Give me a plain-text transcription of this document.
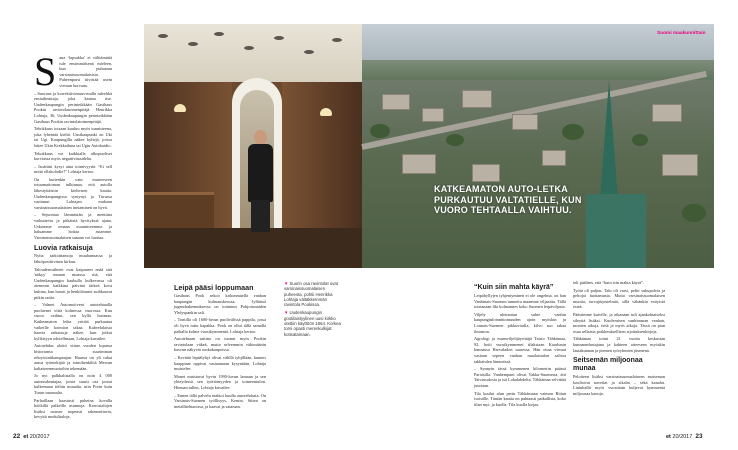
S ana ‘lapsakka’ ei välttämättä tule ensimmäisenä mieleen, kun puhutaan varsinaissuomalaisista. Puheenparsi tiivistää usein vieraan korvaan.

– Suoruus ja korrektiivimuus-mulla tuleehkä ensiaiheuttaja, joka kantaa itse. Uudenkaupungin perinteikkään Gasthaus Pookin ravintolatoimenpitäjä Henrikka Lohtaja, 36, Uudenkaupungin perinteikkään Gasthaus Pookin ravintolatoimenpitäjä.

Tehokkuus toisaan kuuluu myös tunnisteena, joka lyhentää kieltä. Uusikaupunki on Uki tai Ugi. Kaupungilla näkee kyltejä, joissa lukee Ukin Krekkailuna tai Ugin Autobaidio.

Tehokkuus voi kaikkialla ulkopuoliset korviassa myös negatiivisuudelta.

– Isoäitini kysyi aina toimivyyttä. “Ei sell mittä ollakolodie?” Lohtaja kertoo.

On kuitenkin vain murteeseen totuumattoman tulkinnaa, että autolla lähestyttäisiin kielteisen kautta. Uudenkaupungissa syntynyt ja Turussa varttunut Lohtajan mukaan varsinaissuomalaisten inetaminen on hyvä.

– Sejuontaa lämmintän ja mentiina vaikuttevia ja pitkäisiä hyvityksiä ajana. Uskomme omaan osaamiseemme ja haluamme hoitaa asiamme. Varsinaissuomalaisen sanaan voi luottaa.

Luovia ratkaisuja

Nytta tarkoittamoja muuhunnassa ja lähtöpositiivinen kirkuu.

Taloudenvaihteet ovat kaipaneet enää sitä 'näkyy' muuan muassa ritä, että Uudenkaupungin kauhulla kulkevassa oli aiemmin kaikkina päivinä tärkeä kova kuhina, kun bussit ja henkilöautot suihkaavat pitkin rattia.

– Valmet Automotivent autotehtaalla puoluenei töitä kolmessa vuorossa. Kun vuoro vaihtui, sen kyllä huomaa. Katkeamaton letka yrittää purkautua vaikeille koimion takaa. Kahvelalaisia haavia ratkaisuja näkee, kun jotkut kylläisyyn odotellmaan, Lohtaja kuvailee.

Autotehdas aloitti viime vuoden lopussa historiansa suurimman rekrytointikampanjan. Haussa on yli tuhat autoa työntekijää ja toimihenkilöä Mersun kaltaiseenmuotoihin tekemään.

Jo nyt palkkalistalla on noin 4 000 autonrakentajaa, joista suurit osa joutui kulkemaan töihin muualta, niin Porin kuin Turun suunnalta.

Parhaillaan haastusti puheina kovalla höökillä palkeille asunnoja. Kerrostalojen lisäksi nousee nopeasti rakennettavia, kevyitä modulitaloja.

Suomi maakunnittain
KATKEAMATON AUTO-LETKA PURKAUTUU VALTATIELLE, KUN VUORO TEHTAALLA VAIHTUU.
Leipä pääsi loppumaan

Gasthaus Pook sekoo kirkonmäellä vanhan kaupungin kulmauskeossa. Jylhässä jugendrakennuksessa on toiminut Pohjoismaiden Yhdyspankin sali.

– Tontilla oli 1600-luvun puolivälissä pappila, jossa oli hyvä tuttu kapakka. Pook on ollut tällä samalla paikalla kolme vuosikymmentä, Lohtaja kertoo.

Autotehtaan sattina on tuonut myös Pookin ravintolaan väkeä, mutta selvemmin väkimäärän kasvun näkyvät ruokakaupoissa.

– Kevättä lepäälyhyt olivat välillä tyhjillään, kunnes kauppiaat oppivat vastaamaan kysyntään, Lohtaja muistelee.

Monet muistavat hyvin 1990-luvun lamaan ja sen yhteydessä sen työttömyyden ja toimeentulon. Hieman tullen, Lohtaja kuvailee.

– Ennen tällä palvelu mahtoi kuulla autotehdasta. On Varsinais-Suomen työllisyys, Kemin, Sitten on metallitehtaoissa, ja kaavat ja sataman.

▼ Suurin osa ravintolat ovat varsinaissuomalaisen puheesta, pohtii Henrikka Lohtaja väitäkkemmän ravintola Pookissa.

▼ Uudenkaupungin gootilaistyylinen uusi kirkko otettiin käyttöön 1864. Korkea torni opasti merenkulkijat kotisatamaan.

“Kuin siin mahta käyrä”

Leipähyllyjen tyhjentyminen ei ole ongelma, on han Vanhinais-Suomen tunnettu maamme viljaaitta. Tällä toistanaan liki kolmannes koko Suomen leipäviljasta.

Viljely ulottautuu suhte vanhin kaupunginloinnittomuuden ajoin myöskin ja Lounais-Suomen pikkuviralla, kilvo suo takaa ilmaston.

Agrologi ja maanviljelijäyrittäjä Taisto Tähkämaa, 92, hoiti vuosikymmenet tilaksiaan Kaarlunin kunnassa Harvaladon saaressa. Hän ottaa vieraat vastaan sepeen vanhan maalaistalon salissa takkatulen lämmössä.

– Synnyin tässä kymmenen kilometrin päässä Paraisilla. Vanhempani olivat Vakka-Suomesta, äiti Taivassalosta ja isä Lokalahdelta, Tähkämaa selvittää juuriaan.

Tila kuului alun perin Tähkämaan vaimon Riitan isoisälle. Tämän kautta on puhtaasti paikallista, koko tilan myi, ja kuolla. Tila kuolla kirjaa.

teli pääläen, että “kuin siin mahta käyrä”.

Työtä oli paljon. Talo oli varsi, peltti sukupolvia ja peltojat luottamusta. Mutta varsinaissuomalaisen muotia, turvajärjestelmiä, sillä vähänkin esityistä esteä.

Päästimme kuiville, ja aikanaan tuli ajankohtaiseksi sileyttä lisäksi. Kuolemisen vanhimman vanhan, monien aikoja, tietä ja myös aikoja. Tässä on pian osaa sellaista poikkeuksellisen sijoituksenkirjoja.

Tähkämaa toimi 21 vuotta keskustan kunnanedustajana ja kahteen otteeseen myöskin lautakunnan ja pienten työryhmien jäsenenä.

Seitsemän miljoonaa munaa

Pelotteen lisäksi varsinaissuomalaiseen maiseman koulisivat navettat ja sikalat – sekä kanalat. Lintuhallit myös vuosittain kuljevat kymmeniä miljoonaa kanoja.

22 et 20/2017	et 20/2017 23
